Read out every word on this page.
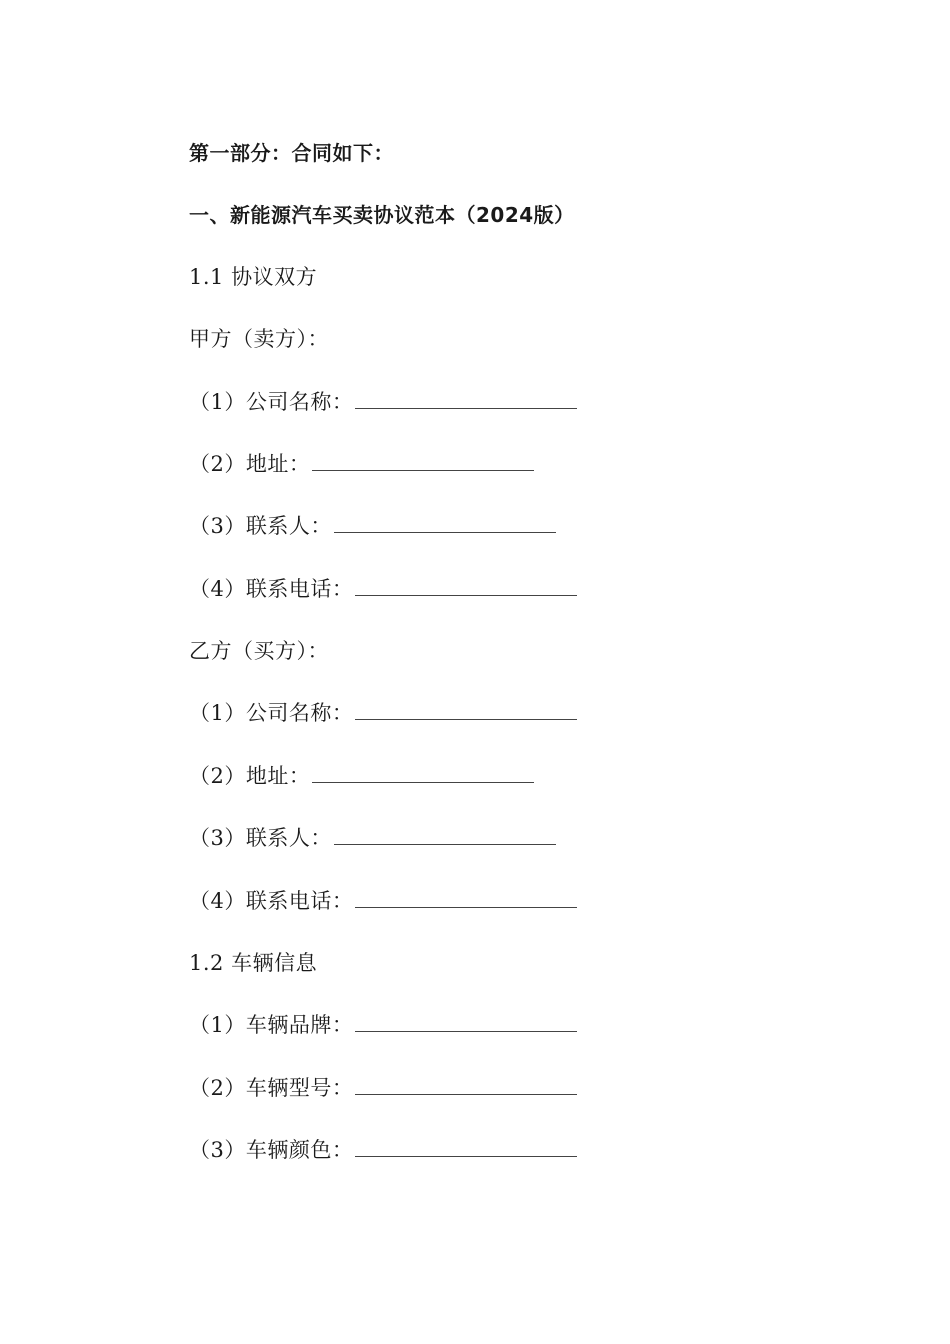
第一部分：合同如下：
一、新能源汽车买卖协议范本（2024版）
1.1 协议双方
甲方（卖方）：
（1）公司名称：
（2）地址：
（3）联系人：
（4）联系电话：
乙方（买方）：
（1）公司名称：
（2）地址：
（3）联系人：
（4）联系电话：
1.2 车辆信息
（1）车辆品牌：
（2）车辆型号：
（3）车辆颜色：
